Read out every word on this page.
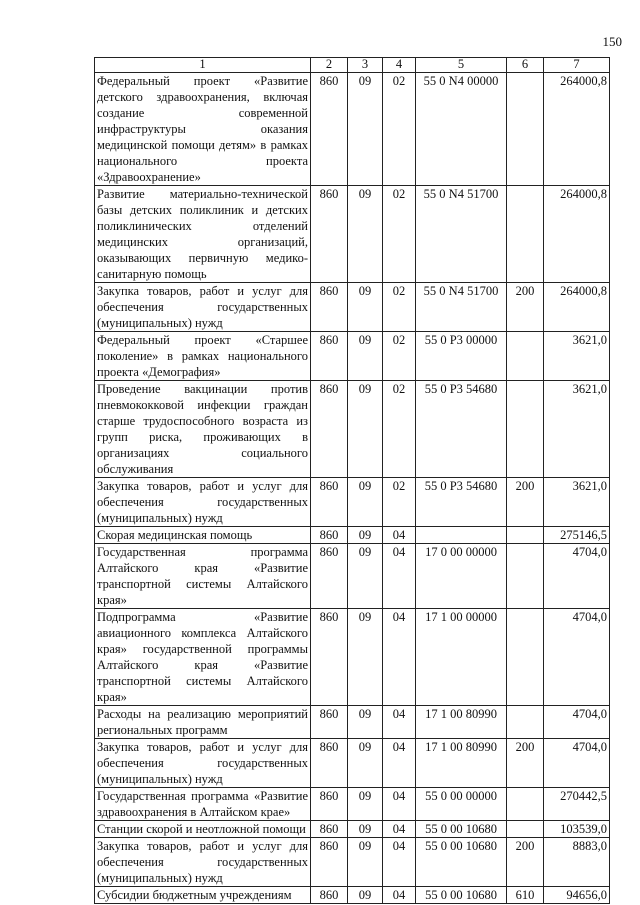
150
1	2	3	4	5	6	7
Федеральный проект «Развитие детского здравоохранения, включая создание современной инфраструктуры оказания медицинской помощи детям» в рамках национального проекта «Здравоохранение»	860	09	02	55 0 N4 00000		264000,8
Развитие материально-технической базы детских поликлиник и детских поликлинических отделений медицинских организаций, оказывающих первичную медико-санитарную помощь	860	09	02	55 0 N4 51700		264000,8
Закупка товаров, работ и услуг для обеспечения государственных (муниципальных) нужд	860	09	02	55 0 N4 51700	200	264000,8
Федеральный проект «Старшее поколение» в рамках национального проекта «Демография»	860	09	02	55 0 P3 00000		3621,0
Проведение вакцинации против пневмококковой инфекции граждан старше трудоспособного возраста из групп риска, проживающих в организациях социального обслуживания	860	09	02	55 0 P3 54680		3621,0
Закупка товаров, работ и услуг для обеспечения государственных (муниципальных) нужд	860	09	02	55 0 P3 54680	200	3621,0
Скорая медицинская помощь	860	09	04			275146,5
Государственная программа Алтайского края «Развитие транспортной системы Алтайского края»	860	09	04	17 0 00 00000		4704,0
Подпрограмма «Развитие авиационного комплекса Алтайского края» государственной программы Алтайского края «Развитие транспортной системы Алтайского края»	860	09	04	17 1 00 00000		4704,0
Расходы на реализацию мероприятий региональных программ	860	09	04	17 1 00 80990		4704,0
Закупка товаров, работ и услуг для обеспечения государственных (муниципальных) нужд	860	09	04	17 1 00 80990	200	4704,0
Государственная программа «Развитие здравоохранения в Алтайском крае»	860	09	04	55 0 00 00000		270442,5
Станции скорой и неотложной помощи	860	09	04	55 0 00 10680		103539,0
Закупка товаров, работ и услуг для обеспечения государственных (муниципальных) нужд	860	09	04	55 0 00 10680	200	8883,0
Субсидии бюджетным учреждениям	860	09	04	55 0 00 10680	610	94656,0
